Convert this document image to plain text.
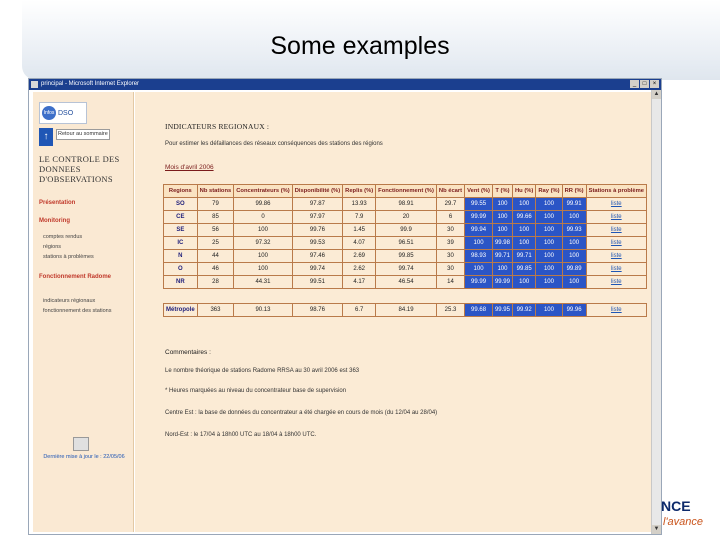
Some examples
principal - Microsoft Internet Explorer	_	□	×
Infos DSO
↑	Retour au sommaire
LE CONTROLE DES DONNEES D'OBSERVATIONS
Présentation
Monitoring
comptes rendus
régions
stations à problèmes
Fonctionnement Radome
indicateurs régionaux
fonctionnement des stations
Dernière mise à jour le : 22/05/06
INDICATEURS REGIONAUX :
Pour estimer les défaillances des réseaux conséquences des stations des régions
Mois d'avril 2006
Regions	Nb stations	Concentrateurs (%)	Disponibilité (%)	Replis (%)	Fonctionnement (%)	Nb écart	Vent (%)	T (%)	Hu (%)	Ray (%)	RR (%)	Stations à problème
SO	79	99.86	97.87	13.93	98.91	29.7	99.55	100	100	100	99.91	liste
CE	85	0	97.97	7.9	20	6	99.99	100	99.66	100	100	liste
SE	56	100	99.76	1.45	99.9	30	99.94	100	100	100	99.93	liste
IC	25	97.32	99.53	4.07	96.51	39	100	99.98	100	100	100	liste
N	44	100	97.46	2.69	99.85	30	98.93	99.71	99.71	100	100	liste
O	46	100	99.74	2.62	99.74	30	100	100	99.85	100	99.89	liste
NR	28	44.31	99.51	4.17	46.54	14	99.99	99.99	100	100	100	liste

Métropole	363	90.13	98.76	6.7	84.19	25.3	99.68	99.95	99.92	100	99.96	liste
Commentaires :
Le nombre théorique de stations Radome RRSA au 30 avril 2006 est 363
* Heures marquées au niveau du concentrateur base de supervision
Centre Est : la base de données du concentrateur a été chargée en cours de mois (du 12/04 au 28/04)
Nord-Est : le 17/04 à 18h00 UTC au 18/04 à 18h00 UTC.
▲
▼
NCE
l'avance
